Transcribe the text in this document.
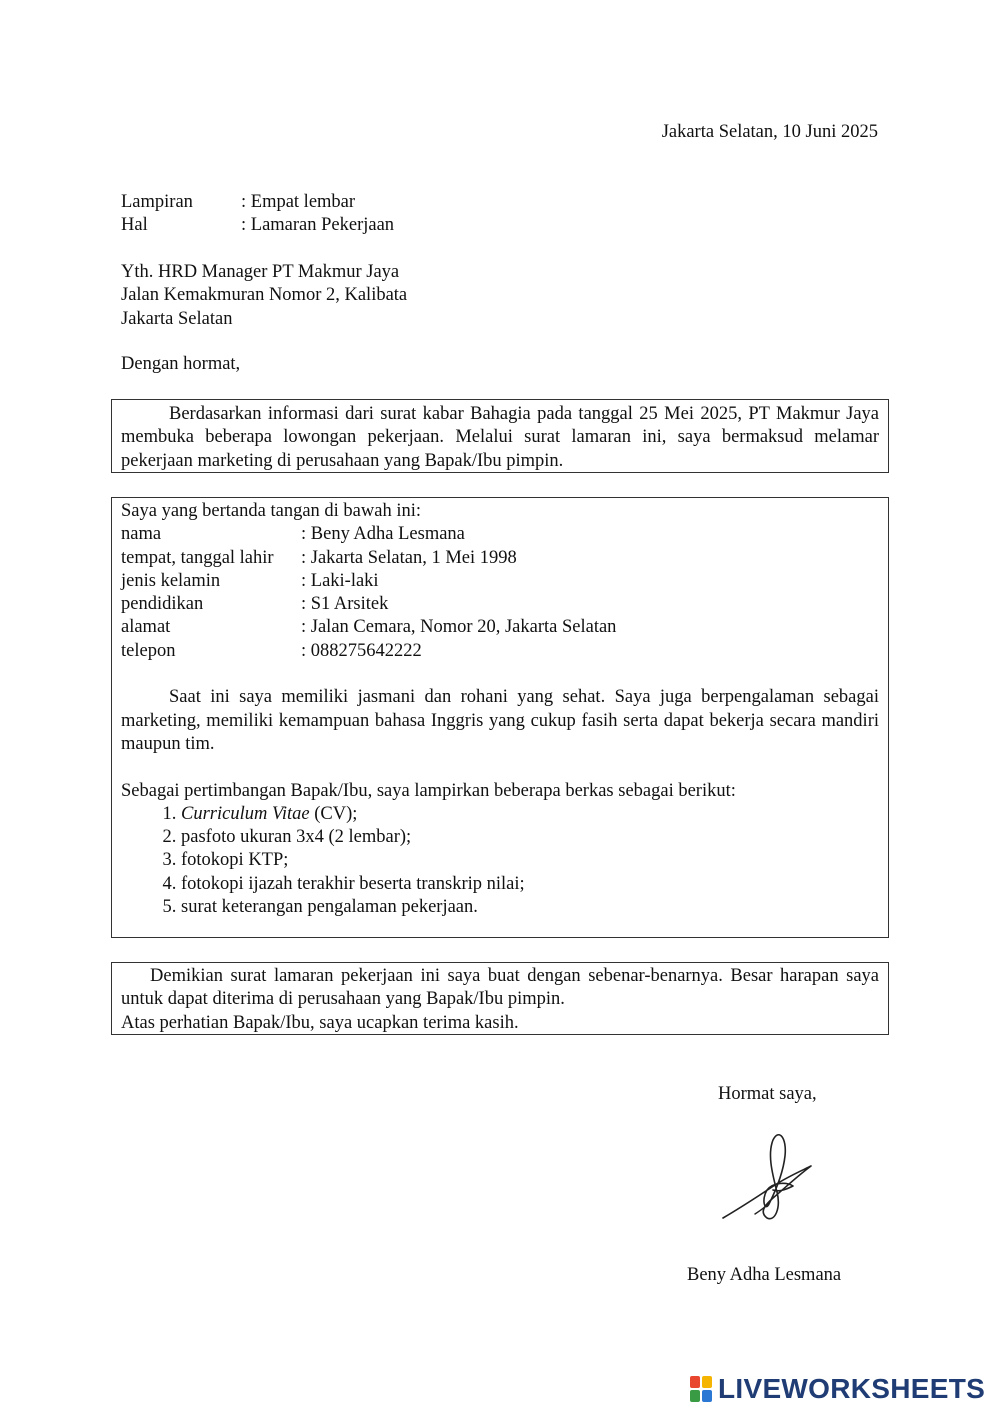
Jakarta Selatan, 10 Juni 2025
Lampiran	: Empat lembar
Hal	: Lamaran Pekerjaan
Yth. HRD Manager PT Makmur Jaya
Jalan Kemakmuran Nomor 2, Kalibata
Jakarta Selatan
Dengan hormat,
Berdasarkan informasi dari surat kabar Bahagia pada tanggal 25 Mei 2025, PT Makmur Jaya membuka beberapa lowongan pekerjaan. Melalui surat lamaran ini, saya bermaksud melamar pekerjaan marketing di perusahaan yang Bapak/Ibu pimpin.
Saya yang bertanda tangan di bawah ini:
nama	: Beny Adha Lesmana
tempat, tanggal lahir	: Jakarta Selatan, 1 Mei 1998
jenis kelamin	: Laki-laki
pendidikan	: S1 Arsitek
alamat	: Jalan Cemara, Nomor 20, Jakarta Selatan
telepon	: 088275642222
Saat ini saya memiliki jasmani dan rohani yang sehat. Saya juga berpengalaman sebagai marketing, memiliki kemampuan bahasa Inggris yang cukup fasih serta dapat bekerja secara mandiri maupun tim.
Sebagai pertimbangan Bapak/Ibu, saya lampirkan beberapa berkas sebagai berikut:
1. Curriculum Vitae (CV);
2. pasfoto ukuran 3x4 (2 lembar);
3. fotokopi KTP;
4. fotokopi ijazah terakhir beserta transkrip nilai;
5. surat keterangan pengalaman pekerjaan.
Demikian surat lamaran pekerjaan ini saya buat dengan sebenar-benarnya. Besar harapan saya untuk dapat diterima di perusahaan yang Bapak/Ibu pimpin.
Atas perhatian Bapak/Ibu, saya ucapkan terima kasih.
Hormat saya,
Beny Adha Lesmana
LIVEWORKSHEETS
